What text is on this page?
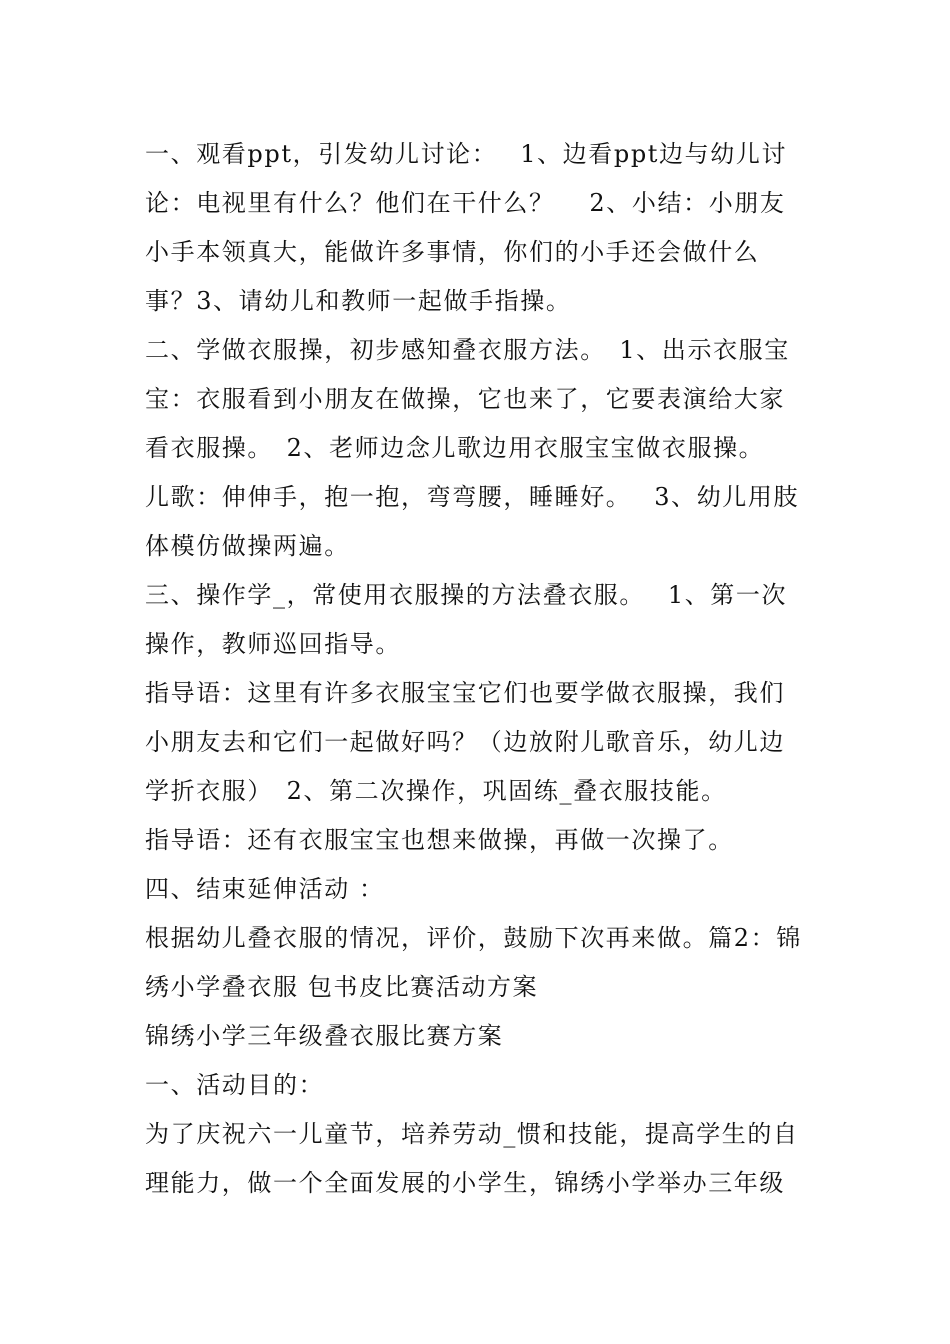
一、观看ppt，引发幼儿讨论：　 1、边看ppt边与幼儿讨论：电视里有什么？他们在干什么？　 2、小结：小朋友小手本领真大，能做许多事情，你们的小手还会做什么事？3、请幼儿和教师一起做手指操。

二、学做衣服操，初步感知叠衣服方法。　1、出示衣服宝宝：衣服看到小朋友在做操，它也来了，它要表演给大家看衣服操。　2、老师边念儿歌边用衣服宝宝做衣服操。

儿歌：伸伸手，抱一抱，弯弯腰，睡睡好。　 3、幼儿用肢体模仿做操两遍。

三、操作学_，常使用衣服操的方法叠衣服。　 1、第一次操作，教师巡回指导。

指导语：这里有许多衣服宝宝它们也要学做衣服操，我们小朋友去和它们一起做好吗？（边放附儿歌音乐，幼儿边学折衣服）　2、第二次操作，巩固练_叠衣服技能。

指导语：还有衣服宝宝也想来做操，再做一次操了。

四、结束延伸活动 ：

根据幼儿叠衣服的情况，评价，鼓励下次再来做。篇2：锦绣小学叠衣服 包书皮比赛活动方案

锦绣小学三年级叠衣服比赛方案

一、活动目的：

为了庆祝六一儿童节，培养劳动_惯和技能，提高学生的自理能力，做一个全面发展的小学生，锦绣小学举办三年级
